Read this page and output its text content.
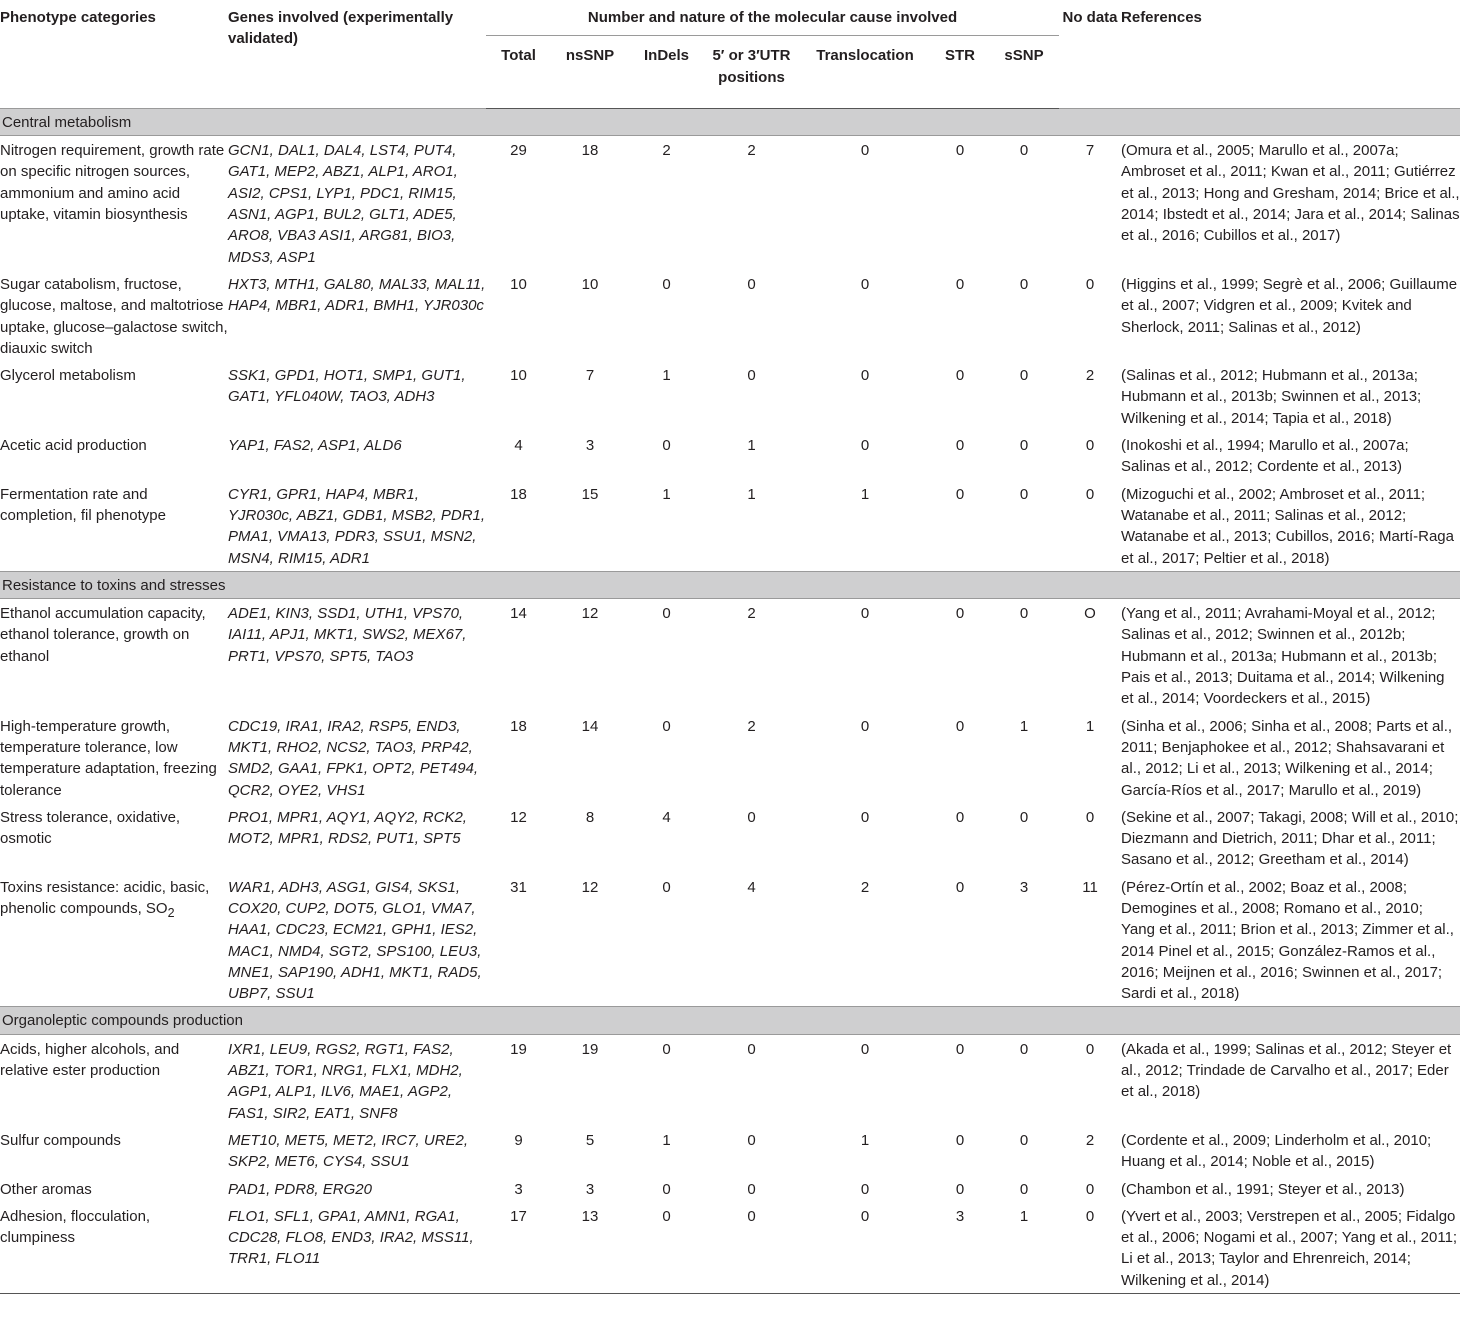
Phenotype categories	Genes involved (experimentally validated)	Number and nature of the molecular cause involved							No data	References
		Total	nsSNP	InDels	5′ or 3′UTR positions	Translocation	STR	sSNP		
Central metabolism										
Nitrogen requirement, growth rate on specific nitrogen sources, ammonium and amino acid uptake, vitamin biosynthesis	GCN1, DAL1, DAL4, LST4, PUT4, GAT1, MEP2, ABZ1, ALP1, ARO1, ASI2, CPS1, LYP1, PDC1, RIM15, ASN1, AGP1, BUL2, GLT1, ADE5, ARO8, VBA3 ASI1, ARG81, BIO3, MDS3, ASP1	29	18	2	2	0	0	0	7	(Omura et al., 2005; Marullo et al., 2007a; Ambroset et al., 2011; Kwan et al., 2011; Gutiérrez et al., 2013; Hong and Gresham, 2014; Brice et al., 2014; Ibstedt et al., 2014; Jara et al., 2014; Salinas et al., 2016; Cubillos et al., 2017)
Sugar catabolism, fructose, glucose, maltose, and maltotriose uptake, glucose–galactose switch, diauxic switch	HXT3, MTH1, GAL80, MAL33, MAL11, HAP4, MBR1, ADR1, BMH1, YJR030c	10	10	0	0	0	0	0	0	(Higgins et al., 1999; Segrè et al., 2006; Guillaume et al., 2007; Vidgren et al., 2009; Kvitek and Sherlock, 2011; Salinas et al., 2012)
Glycerol metabolism	SSK1, GPD1, HOT1, SMP1, GUT1, GAT1, YFL040W, TAO3, ADH3	10	7	1	0	0	0	0	2	(Salinas et al., 2012; Hubmann et al., 2013a; Hubmann et al., 2013b; Swinnen et al., 2013; Wilkening et al., 2014; Tapia et al., 2018)
Acetic acid production	YAP1, FAS2, ASP1, ALD6	4	3	0	1	0	0	0	0	(Inokoshi et al., 1994; Marullo et al., 2007a; Salinas et al., 2012; Cordente et al., 2013)
Fermentation rate and completion, fil phenotype	CYR1, GPR1, HAP4, MBR1, YJR030c, ABZ1, GDB1, MSB2, PDR1, PMA1, VMA13, PDR3, SSU1, MSN2, MSN4, RIM15, ADR1	18	15	1	1	1	0	0	0	(Mizoguchi et al., 2002; Ambroset et al., 2011; Watanabe et al., 2011; Salinas et al., 2012; Watanabe et al., 2013; Cubillos, 2016; Martí-Raga et al., 2017; Peltier et al., 2018)
Resistance to toxins and stresses										
Ethanol accumulation capacity, ethanol tolerance, growth on ethanol	ADE1, KIN3, SSD1, UTH1, VPS70, IAI11, APJ1, MKT1, SWS2, MEX67, PRT1, VPS70, SPT5, TAO3	14	12	0	2	0	0	0	O	(Yang et al., 2011; Avrahami-Moyal et al., 2012; Salinas et al., 2012; Swinnen et al., 2012b; Hubmann et al., 2013a; Hubmann et al., 2013b; Pais et al., 2013; Duitama et al., 2014; Wilkening et al., 2014; Voordeckers et al., 2015)
High-temperature growth, temperature tolerance, low temperature adaptation, freezing tolerance	CDC19, IRA1, IRA2, RSP5, END3, MKT1, RHO2, NCS2, TAO3, PRP42, SMD2, GAA1, FPK1, OPT2, PET494, QCR2, OYE2, VHS1	18	14	0	2	0	0	1	1	(Sinha et al., 2006; Sinha et al., 2008; Parts et al., 2011; Benjaphokee et al., 2012; Shahsavarani et al., 2012; Li et al., 2013; Wilkening et al., 2014; García-Ríos et al., 2017; Marullo et al., 2019)
Stress tolerance, oxidative, osmotic	PRO1, MPR1, AQY1, AQY2, RCK2, MOT2, MPR1, RDS2, PUT1, SPT5	12	8	4	0	0	0	0	0	(Sekine et al., 2007; Takagi, 2008; Will et al., 2010; Diezmann and Dietrich, 2011; Dhar et al., 2011; Sasano et al., 2012; Greetham et al., 2014)
Toxins resistance: acidic, basic, phenolic compounds, $SO_2$	WAR1, ADH3, ASG1, GIS4, SKS1, COX20, CUP2, DOT5, GLO1, VMA7, HAA1, CDC23, ECM21, GPH1, IES2, MAC1, NMD4, SGT2, SPS100, LEU3, MNE1, SAP190, ADH1, MKT1, RAD5, UBP7, SSU1	31	12	0	4	2	0	3	11	(Pérez-Ortín et al., 2002; Boaz et al., 2008; Demogines et al., 2008; Romano et al., 2010; Yang et al., 2011; Brion et al., 2013; Zimmer et al., 2014 Pinel et al., 2015; González-Ramos et al., 2016; Meijnen et al., 2016; Swinnen et al., 2017; Sardi et al., 2018)
Organoleptic compounds production										
Acids, higher alcohols, and relative ester production	IXR1, LEU9, RGS2, RGT1, FAS2, ABZ1, TOR1, NRG1, FLX1, MDH2, AGP1, ALP1, ILV6, MAE1, AGP2, FAS1, SIR2, EAT1, SNF8	19	19	0	0	0	0	0	0	(Akada et al., 1999; Salinas et al., 2012; Steyer et al., 2012; Trindade de Carvalho et al., 2017; Eder et al., 2018)
Sulfur compounds	MET10, MET5, MET2, IRC7, URE2, SKP2, MET6, CYS4, SSU1	9	5	1	0	1	0	0	2	(Cordente et al., 2009; Linderholm et al., 2010; Huang et al., 2014; Noble et al., 2015)
Other aromas	PAD1, PDR8, ERG20	3	3	0	0	0	0	0	0	(Chambon et al., 1991; Steyer et al., 2013)
Adhesion, flocculation, clumpiness	FLO1, SFL1, GPA1, AMN1, RGA1, CDC28, FLO8, END3, IRA2, MSS11, TRR1, FLO11	17	13	0	0	0	3	1	0	(Yvert et al., 2003; Verstrepen et al., 2005; Fidalgo et al., 2006; Nogami et al., 2007; Yang et al., 2011; Li et al., 2013; Taylor and Ehrenreich, 2014; Wilkening et al., 2014)
